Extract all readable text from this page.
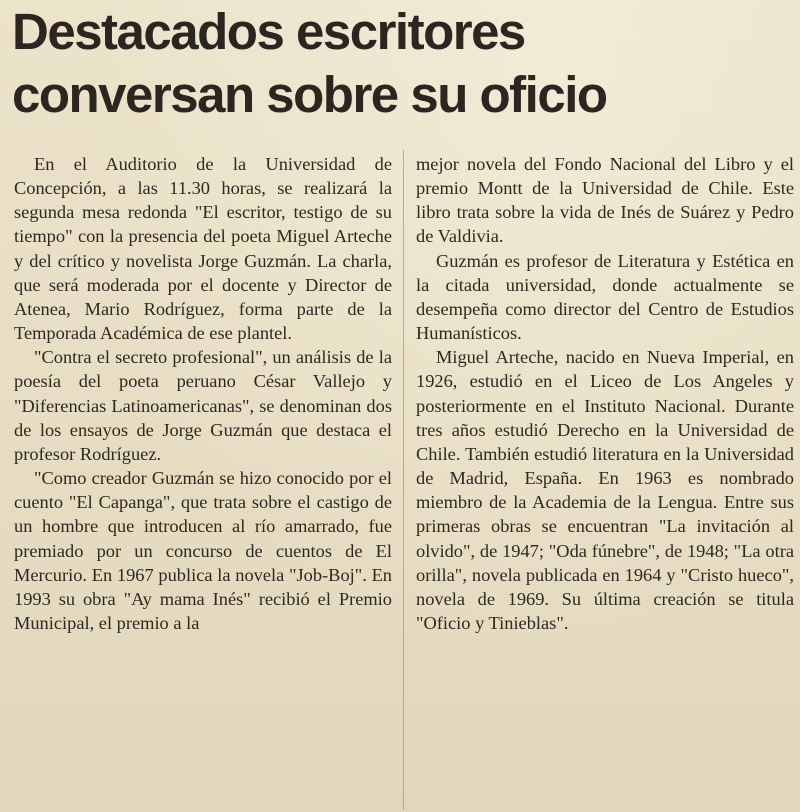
Destacados escritores
conversan sobre su oficio

En el Auditorio de la Universidad de Concepción, a las 11.30 horas, se realizará la segunda mesa redonda "El escritor, testigo de su tiempo" con la presencia del poeta Miguel Arteche y del crítico y novelista Jorge Guzmán. La charla, que será moderada por el docente y Director de Atenea, Mario Rodríguez, forma parte de la Temporada Académica de ese plantel.

"Contra el secreto profesional", un análisis de la poesía del poeta peruano César Vallejo y "Diferencias Latinoamericanas", se denominan dos de los ensayos de Jorge Guzmán que destaca el profesor Rodríguez.

"Como creador Guzmán se hizo conocido por el cuento "El Capanga", que trata sobre el castigo de un hombre que introducen al río amarrado, fue premiado por un concurso de cuentos de El Mercurio. En 1967 publica la novela "Job-Boj". En 1993 su obra "Ay mama Inés" recibió el Premio Municipal, el premio a la

mejor novela del Fondo Nacional del Libro y el premio Montt de la Universidad de Chile. Este libro trata sobre la vida de Inés de Suárez y Pedro de Valdivia.

Guzmán es profesor de Literatura y Estética en la citada universidad, donde actualmente se desempeña como director del Centro de Estudios Humanísticos.

Miguel Arteche, nacido en Nueva Imperial, en 1926, estudió en el Liceo de Los Angeles y posteriormente en el Instituto Nacional. Durante tres años estudió Derecho en la Universidad de Chile. También estudió literatura en la Universidad de Madrid, España. En 1963 es nombrado miembro de la Academia de la Lengua. Entre sus primeras obras se encuentran "La invitación al olvido", de 1947; "Oda fúnebre", de 1948; "La otra orilla", novela publicada en 1964 y "Cristo hueco", novela de 1969. Su última creación se titula "Oficio y Tinieblas".
